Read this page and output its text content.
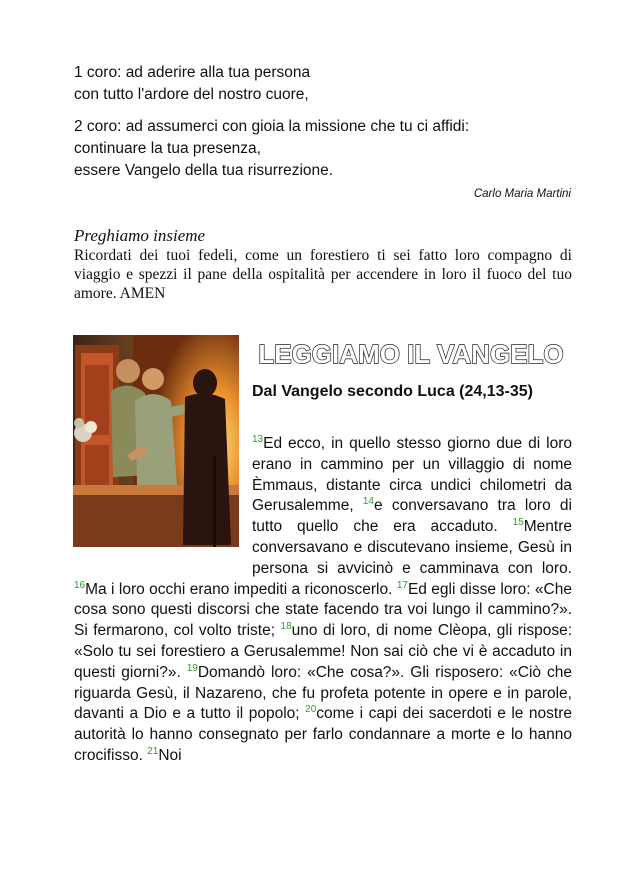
1 coro: ad aderire alla tua persona
con tutto l'ardore del nostro cuore,

2 coro: ad assumerci con gioia la missione che tu ci affidi:
continuare la tua presenza,
essere Vangelo della tua risurrezione.

Carlo Maria Martini
Preghiamo insieme
Ricordati dei tuoi fedeli, come un forestiero ti sei fatto loro compagno di viaggio e spezzi il pane della ospitalità per accendere in loro il fuoco del tuo amore. AMEN
LEGGIAMO IL VANGELO
Dal Vangelo secondo Luca (24,13-35)
$^{13}$Ed ecco, in quello stesso giorno due di loro erano in cammino per un villaggio di nome Èmmaus, distante circa undici chilometri da Gerusalemme, $^{14}$e conversavano tra loro di tutto quello che era accaduto. $^{15}$Mentre conversavano e discutevano insieme, Gesù in persona si avvicinò e camminava con loro. $^{16}$Ma i loro occhi erano impediti a riconoscerlo. $^{17}$Ed egli disse loro: «Che cosa sono questi discorsi che state facendo tra voi lungo il cammino?». Si fermarono, col volto triste; $^{18}$uno di loro, di nome Clèopa, gli rispose: «Solo tu sei forestiero a Gerusalemme! Non sai ciò che vi è accaduto in questi giorni?». $^{19}$Domandò loro: «Che cosa?». Gli risposero: «Ciò che riguarda Gesù, il Nazareno, che fu profeta potente in opere e in parole, davanti a Dio e a tutto il popolo; $^{20}$come i capi dei sacerdoti e le nostre autorità lo hanno consegnato per farlo condannare a morte e lo hanno crocifisso. $^{21}$Noi
